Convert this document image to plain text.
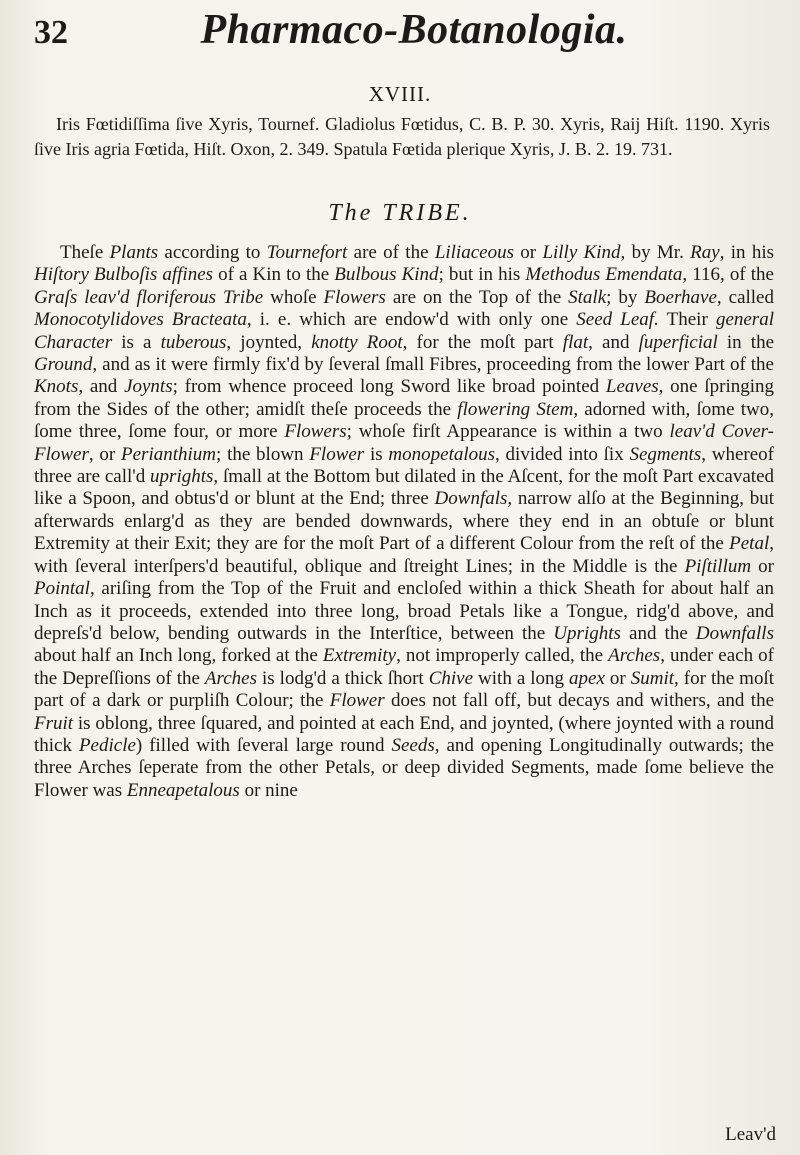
32	Pharmaco-Botanologia.
XVIII.

Iris Fœtidiſſima ſive Xyris, Tournef. Gladiolus Fœtidus, C. B. P. 30. Xyris, Raij Hiſt. 1190. Xyris ſive Iris agria Fœtida, Hiſt. Oxon, 2. 349. Spatula Fœtida plerique Xyris, J. B. 2. 19. 731.

The TRIBE.

Theſe Plants according to Tournefort are of the Liliaceous or Lilly Kind, by Mr. Ray, in his Hiſtory Bulboſis affines of a Kin to the Bulbous Kind; but in his Methodus Emendata, 116, of the Graſs leav'd floriferous Tribe whoſe Flowers are on the Top of the Stalk; by Boerhave, called Monocotylidoves Bracteata, i. e. which are endow'd with only one Seed Leaf. Their general Character is a tuberous, joynted, knotty Root, for the moſt part flat, and ſuperficial in the Ground, and as it were firmly fix'd by ſeveral ſmall Fibres, proceeding from the lower Part of the Knots, and Joynts; from whence proceed long Sword like broad pointed Leaves, one ſpringing from the Sides of the other; amidſt theſe proceeds the flowering Stem, adorned with, ſome two, ſome three, ſome four, or more Flowers; whoſe firſt Appearance is within a two leav'd Cover-Flower, or Perianthium; the blown Flower is monopetalous, divided into ſix Segments, whereof three are call'd uprights, ſmall at the Bottom but dilated in the Aſcent, for the moſt Part excavated like a Spoon, and obtus'd or blunt at the End; three Downfals, narrow alſo at the Beginning, but afterwards enlarg'd as they are bended downwards, where they end in an obtuſe or blunt Extremity at their Exit; they are for the moſt Part of a different Colour from the reſt of the Petal, with ſeveral interſpers'd beautiful, oblique and ſtreight Lines; in the Middle is the Piſtillum or Pointal, ariſing from the Top of the Fruit and encloſed within a thick Sheath for about half an Inch as it proceeds, extended into three long, broad Petals like a Tongue, ridg'd above, and depreſs'd below, bending outwards in the Interſtice, between the Uprights and the Downfalls about half an Inch long, forked at the Extremity, not improperly called, the Arches, under each of the Depreſſions of the Arches is lodg'd a thick ſhort Chive with a long apex or Sumit, for the moſt part of a dark or purpliſh Colour; the Flower does not fall off, but decays and withers, and the Fruit is oblong, three ſquared, and pointed at each End, and joynted, (where joynted with a round thick Pedicle) filled with ſeveral large round Seeds, and opening Longitudinally outwards; the three Arches ſeperate from the other Petals, or deep divided Segments, made ſome believe the Flower was Enneapetalous or nine

Leav'd
